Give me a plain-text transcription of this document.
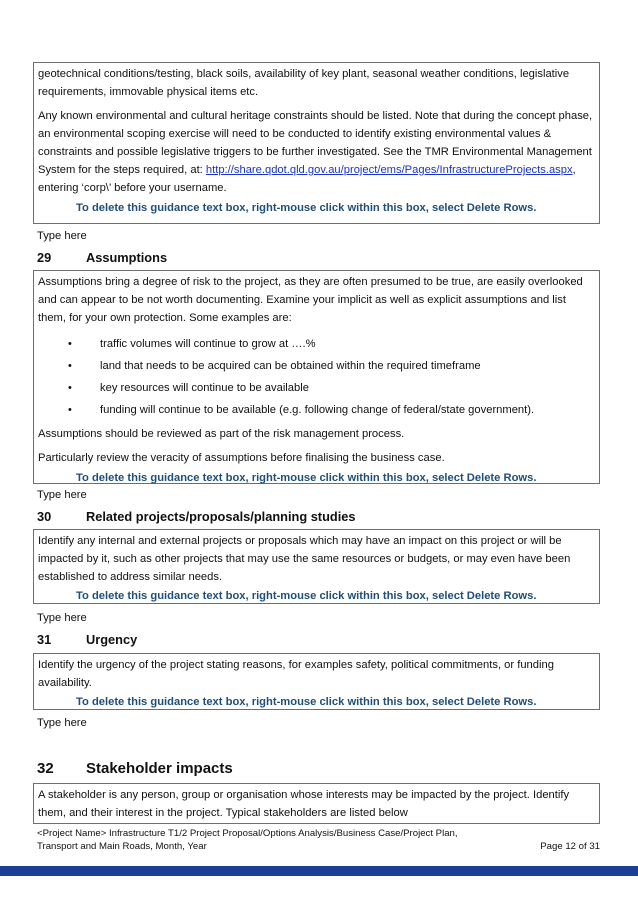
geotechnical conditions/testing, black soils, availability of key plant, seasonal weather conditions, legislative requirements, immovable physical items etc.

Any known environmental and cultural heritage constraints should be listed. Note that during the concept phase, an environmental scoping exercise will need to be conducted to identify existing environmental values & constraints and possible legislative triggers to be further investigated. See the TMR Environmental Management System for the steps required, at: http://share.qdot.qld.gov.au/project/ems/Pages/InfrastructureProjects.aspx, entering ‘corp\’ before your username.

To delete this guidance text box, right-mouse click within this box, select Delete Rows.
Type here
29	Assumptions

Assumptions bring a degree of risk to the project, as they are often presumed to be true, are easily overlooked and can appear to be not worth documenting. Examine your implicit as well as explicit assumptions and list them, for your own protection. Some examples are:

•	traffic volumes will continue to grow at ….%
•	land that needs to be acquired can be obtained within the required timeframe
•	key resources will continue to be available
•	funding will continue to be available (e.g. following change of federal/state government).

Assumptions should be reviewed as part of the risk management process.

Particularly review the veracity of assumptions before finalising the business case.

To delete this guidance text box, right-mouse click within this box, select Delete Rows.
Type here
30	Related projects/proposals/planning studies

Identify any internal and external projects or proposals which may have an impact on this project or will be impacted by it, such as other projects that may use the same resources or budgets, or may even have been established to address similar needs.

To delete this guidance text box, right-mouse click within this box, select Delete Rows.
Type here
31	Urgency

Identify the urgency of the project stating reasons, for examples safety, political commitments, or funding availability.

To delete this guidance text box, right-mouse click within this box, select Delete Rows.
Type here
32 Stakeholder impacts

A stakeholder is any person, group or organisation whose interests may be impacted by the project. Identify them, and their interest in the project. Typical stakeholders are listed below

<Project Name> Infrastructure T1/2 Project Proposal/Options Analysis/Business Case/Project Plan,
Transport and Main Roads, Month, Year	Page 12 of 31
